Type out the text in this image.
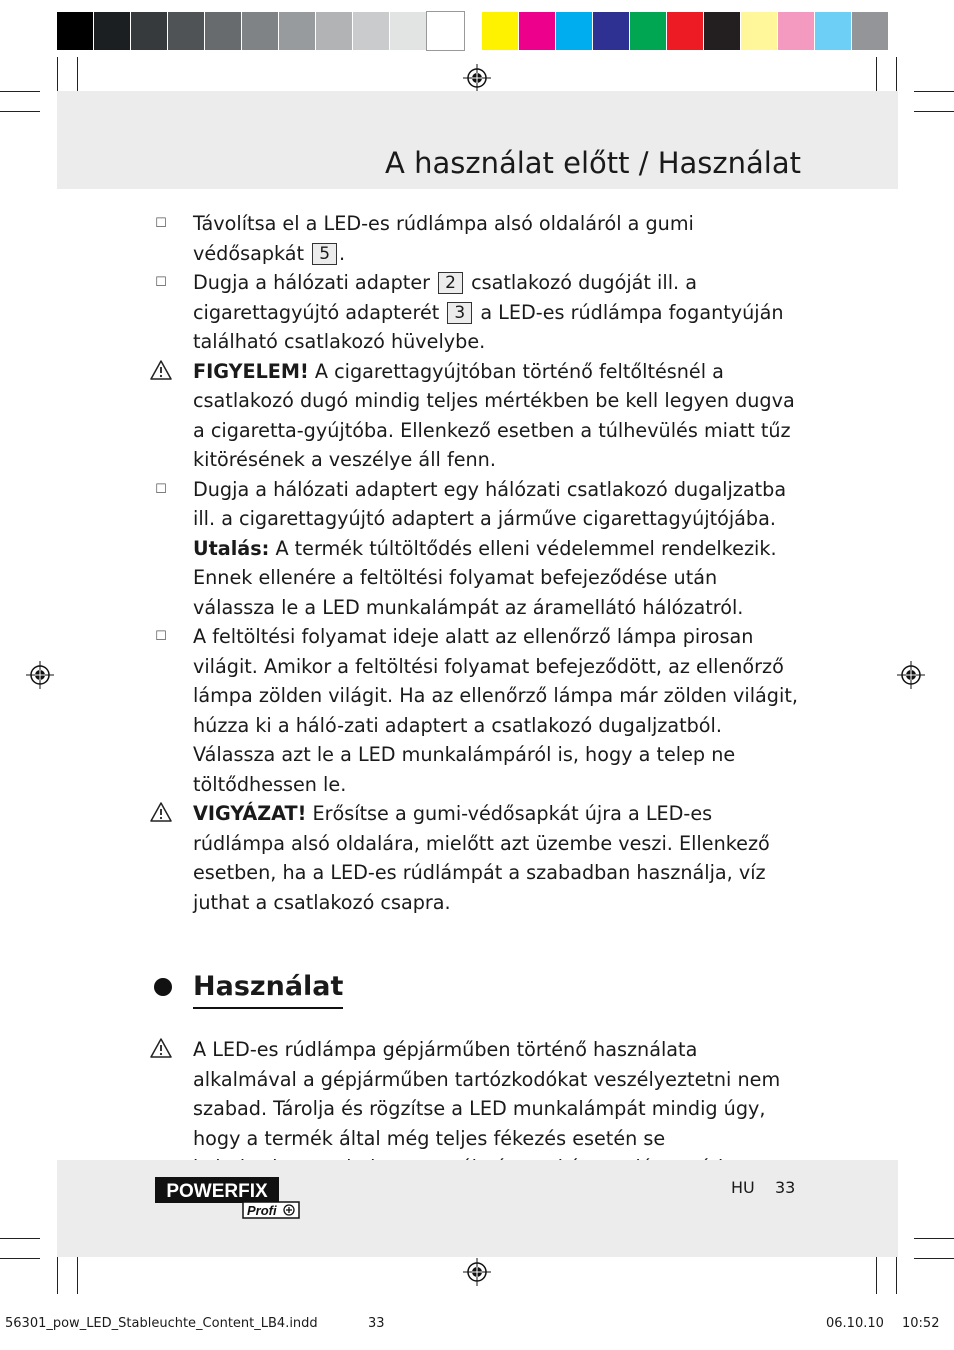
A használat előtt / Használat
☐ Távolítsa el a LED-es rúdlámpa alsó oldaláról a gumi védősapkát 5 .
☐ Dugja a hálózati adapter 2 csatlakozó dugóját ill. a cigarettagyújtó adapterét 3 a LED-es rúdlámpa fogantyúján található csatlakozó hüvelybe.
FIGYELEM! A cigarettagyújtóban történő feltőltésnél a csatlakozó dugó mindig teljes mértékben be kell legyen dugva a cigaretta-gyújtóba. Ellenkező esetben a túlhevülés miatt tűz kitörésének a veszélye áll fenn.
☐ Dugja a hálózati adaptert egy hálózati csatlakozó dugaljzatba ill. a cigarettagyújtó adaptert a járműve cigarettagyújtójába.
Utalás: A termék túltöltődés elleni védelemmel rendelkezik. Ennek ellenére a feltöltési folyamat befejeződése után válassza le a LED munkalámpát az áramellátó hálózatról.
☐ A feltöltési folyamat ideje alatt az ellenőrző lámpa pirosan világit. Amikor a feltöltési folyamat befejeződött, az ellenőrző lámpa zölden világit. Ha az ellenőrző lámpa már zölden világit, húzza ki a háló-zati adaptert a csatlakozó dugaljzatból. Válassza azt le a LED munkalámpáról is, hogy a telep ne töltődhessen le.
VIGYÁZAT! Erősítse a gumi-védősapkát újra a LED-es rúdlámpa alsó oldalára, mielőtt azt üzembe veszi. Ellenkező esetben, ha a LED-es rúdlámpát a szabadban használja, víz juthat a csatlakozó csapra.
Használat
A LED-es rúdlámpa gépjárműben történő használata alkalmával a gépjárműben tartózkodókat veszélyeztetni nem szabad. Tárolja és rögzítse a LED munkalámpát mindig úgy, hogy a termék által még teljes fékezés esetén se
POWERFIX
Profi
HU 33
56301_pow_LED_Stableuchte_Content_LB4.indd	33	06.10.10 10:52
